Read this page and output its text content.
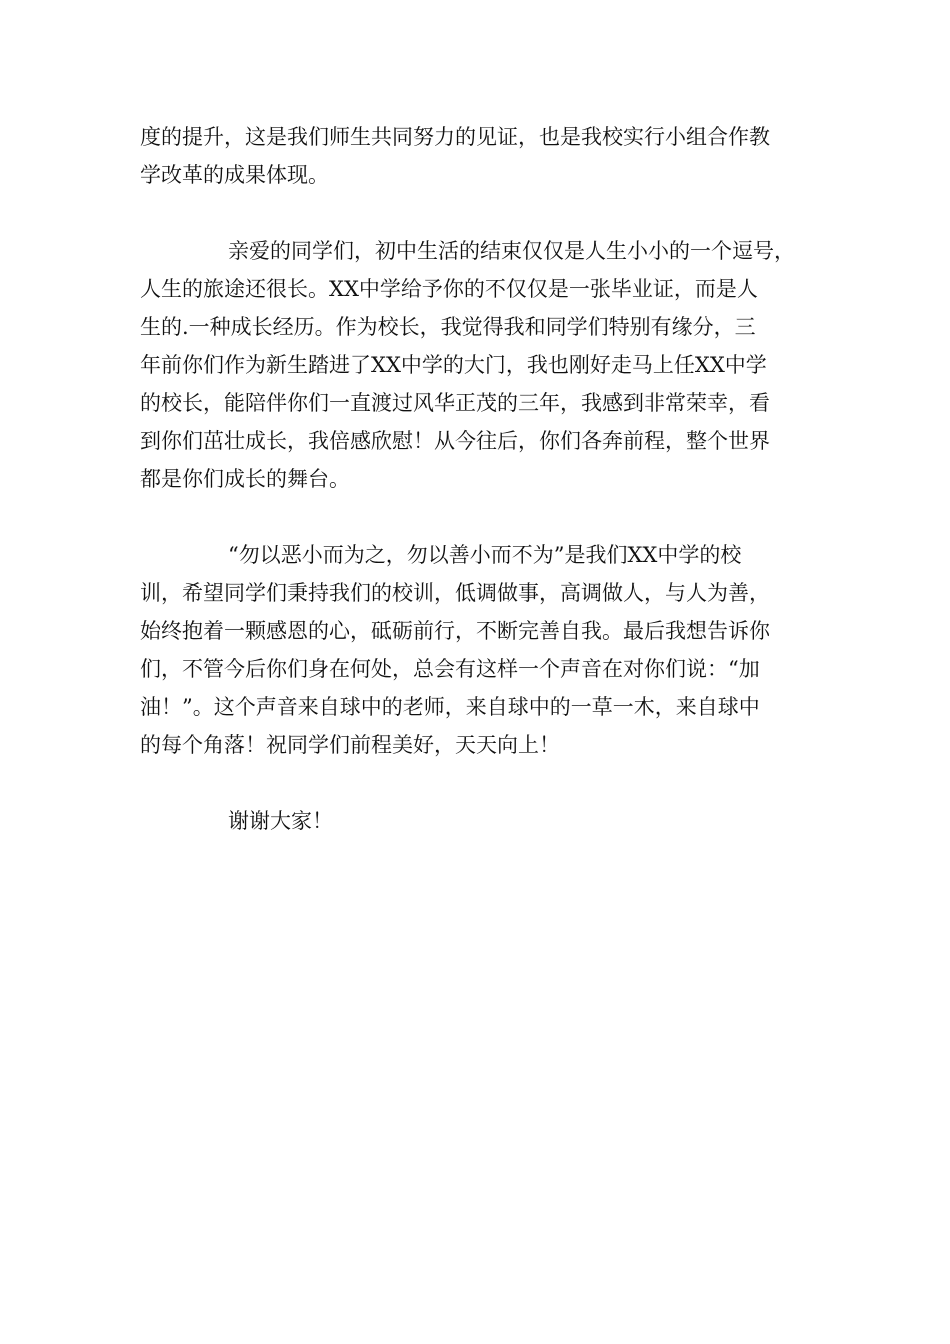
度的提升，这是我们师生共同努力的见证，也是我校实行小组合作教
学改革的成果体现。

亲爱的同学们，初中生活的结束仅仅是人生小小的一个逗号，
人生的旅途还很长。XX中学给予你的不仅仅是一张毕业证，而是人
生的.一种成长经历。作为校长，我觉得我和同学们特别有缘分，三
年前你们作为新生踏进了XX中学的大门，我也刚好走马上任XX中学
的校长，能陪伴你们一直渡过风华正茂的三年，我感到非常荣幸，看
到你们茁壮成长，我倍感欣慰！从今往后，你们各奔前程，整个世界
都是你们成长的舞台。

“勿以恶小而为之，勿以善小而不为”是我们XX中学的校
训，希望同学们秉持我们的校训，低调做事，高调做人，与人为善，
始终抱着一颗感恩的心，砥砺前行，不断完善自我。最后我想告诉你
们，不管今后你们身在何处，总会有这样一个声音在对你们说：“加
油！”。这个声音来自球中的老师，来自球中的一草一木，来自球中
的每个角落！祝同学们前程美好，天天向上！

谢谢大家！
